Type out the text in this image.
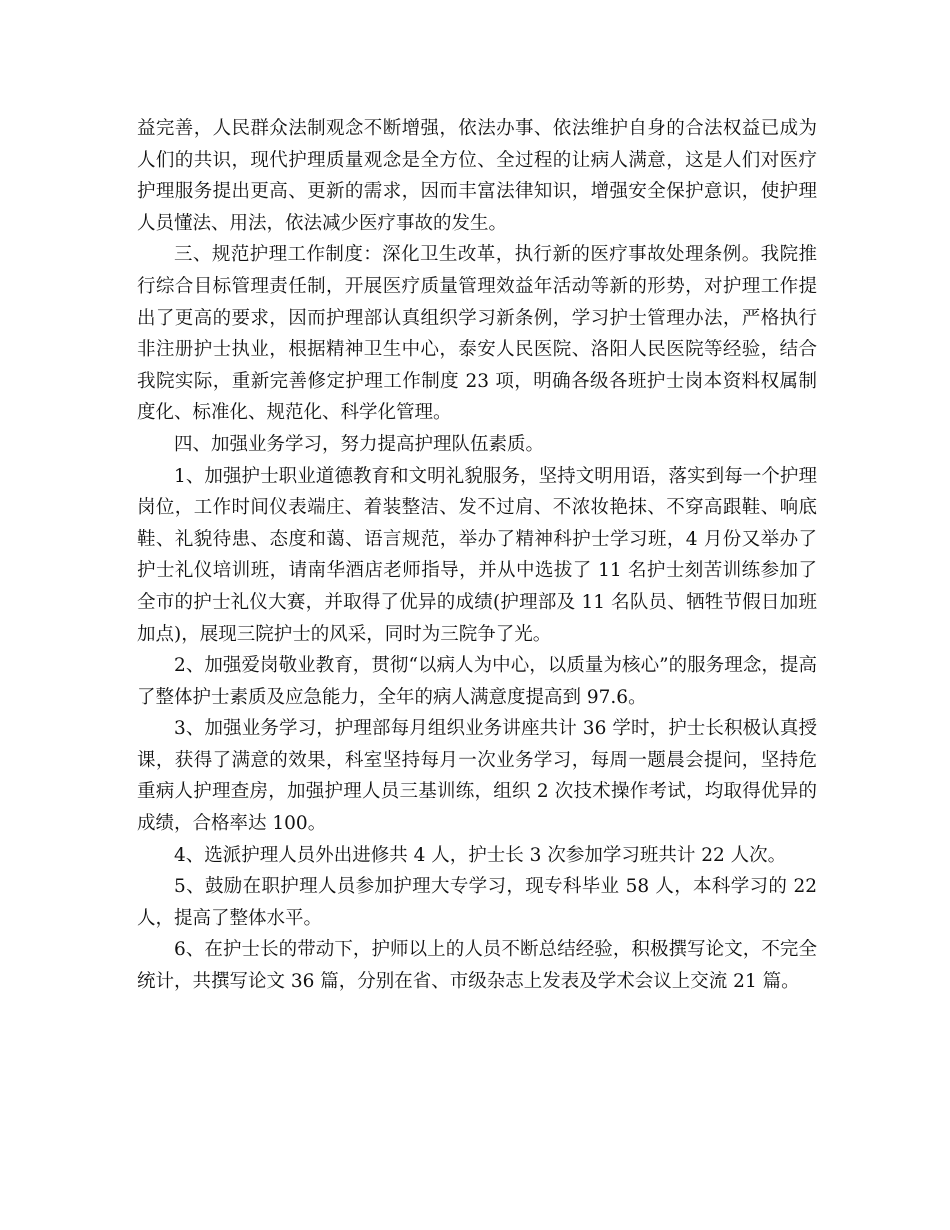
益完善，人民群众法制观念不断增强，依法办事、依法维护自身的合法权益已成为人们的共识，现代护理质量观念是全方位、全过程的让病人满意，这是人们对医疗护理服务提出更高、更新的需求，因而丰富法律知识，增强安全保护意识，使护理人员懂法、用法，依法减少医疗事故的发生。

三、规范护理工作制度：深化卫生改革，执行新的医疗事故处理条例。我院推行综合目标管理责任制，开展医疗质量管理效益年活动等新的形势，对护理工作提出了更高的要求，因而护理部认真组织学习新条例，学习护士管理办法，严格执行非注册护士执业，根据精神卫生中心，泰安人民医院、洛阳人民医院等经验，结合我院实际，重新完善修定护理工作制度 23 项，明确各级各班护士岗本资料权属制度化、标准化、规范化、科学化管理。

四、加强业务学习，努力提高护理队伍素质。

1、加强护士职业道德教育和文明礼貌服务，坚持文明用语，落实到每一个护理岗位，工作时间仪表端庄、着装整洁、发不过肩、不浓妆艳抹、不穿高跟鞋、响底鞋、礼貌待患、态度和蔼、语言规范，举办了精神科护士学习班，4 月份又举办了护士礼仪培训班，请南华酒店老师指导，并从中选拔了 11 名护士刻苦训练参加了全市的护士礼仪大赛，并取得了优异的成绩(护理部及 11 名队员、牺牲节假日加班加点)，展现三院护士的风采，同时为三院争了光。

2、加强爱岗敬业教育，贯彻“以病人为中心，以质量为核心”的服务理念，提高了整体护士素质及应急能力，全年的病人满意度提高到 97.6。

3、加强业务学习，护理部每月组织业务讲座共计 36 学时，护士长积极认真授课，获得了满意的效果，科室坚持每月一次业务学习，每周一题晨会提问，坚持危重病人护理查房，加强护理人员三基训练，组织 2 次技术操作考试，均取得优异的成绩，合格率达 100。

4、选派护理人员外出进修共 4 人，护士长 3 次参加学习班共计 22 人次。

5、鼓励在职护理人员参加护理大专学习，现专科毕业 58 人，本科学习的 22 人，提高了整体水平。

6、在护士长的带动下，护师以上的人员不断总结经验，积极撰写论文，不完全统计，共撰写论文 36 篇，分别在省、市级杂志上发表及学术会议上交流 21 篇。
